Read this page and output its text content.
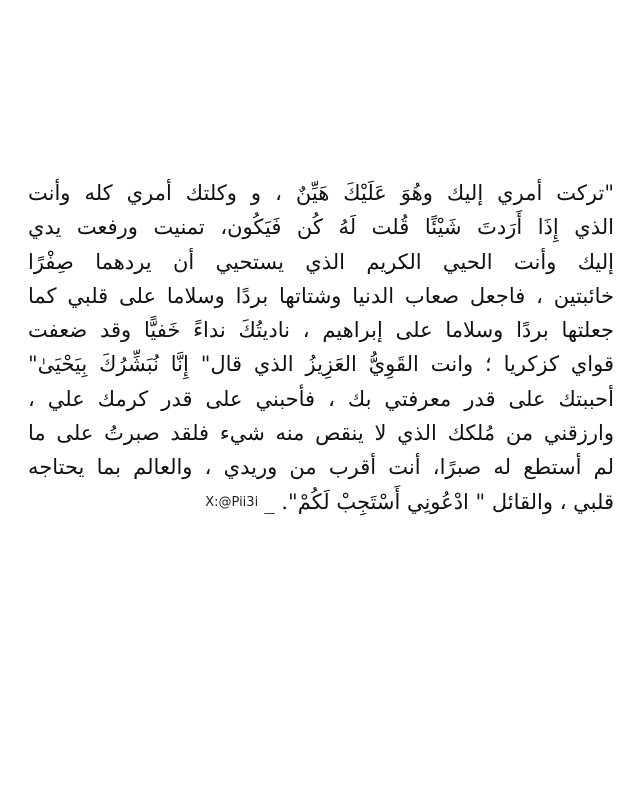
"تركت أمري إليك وهُوَ عَلَيْكَ هَيِّنٌ ، و وكلتك أمري كله وأنت
الذي إِذَا أَرَدتَ شَيْئًا قُلت لَهُ كُن فَيَكُون، تمنيت ورفعت يدي
إليك وأنت الحيي الكريم الذي يستحيي أن يردهما صِفْرًا
خائبتين ، فاجعل صعاب الدنيا وشتاتها بردًا وسلاما على قلبي كما
جعلتها بردًا وسلاما على إبراهيم ، ناديتُكَ نداءً خَفيًّا وقد ضعفت
قواي كزكريا ؛ وانت القَوِيُّ العَزِيزُ الذي قال" إِنَّا نُبَشِّرُكَ بِيَحْيَىٰ"
أحببتك على قدر معرفتي بك ، فأحبني على قدر كرمك علي ،
وارزقني من مُلكك الذي لا ينقص منه شيء فلقد صبرتُ على ما
لم أستطع له صبرًا، أنت أقرب من وريدي ، والعالم بما يحتاجه
قلبي ، والقائل " ادْعُونِي أَسْتَجِبْ لَكُمْ". _X:@Pii3i
